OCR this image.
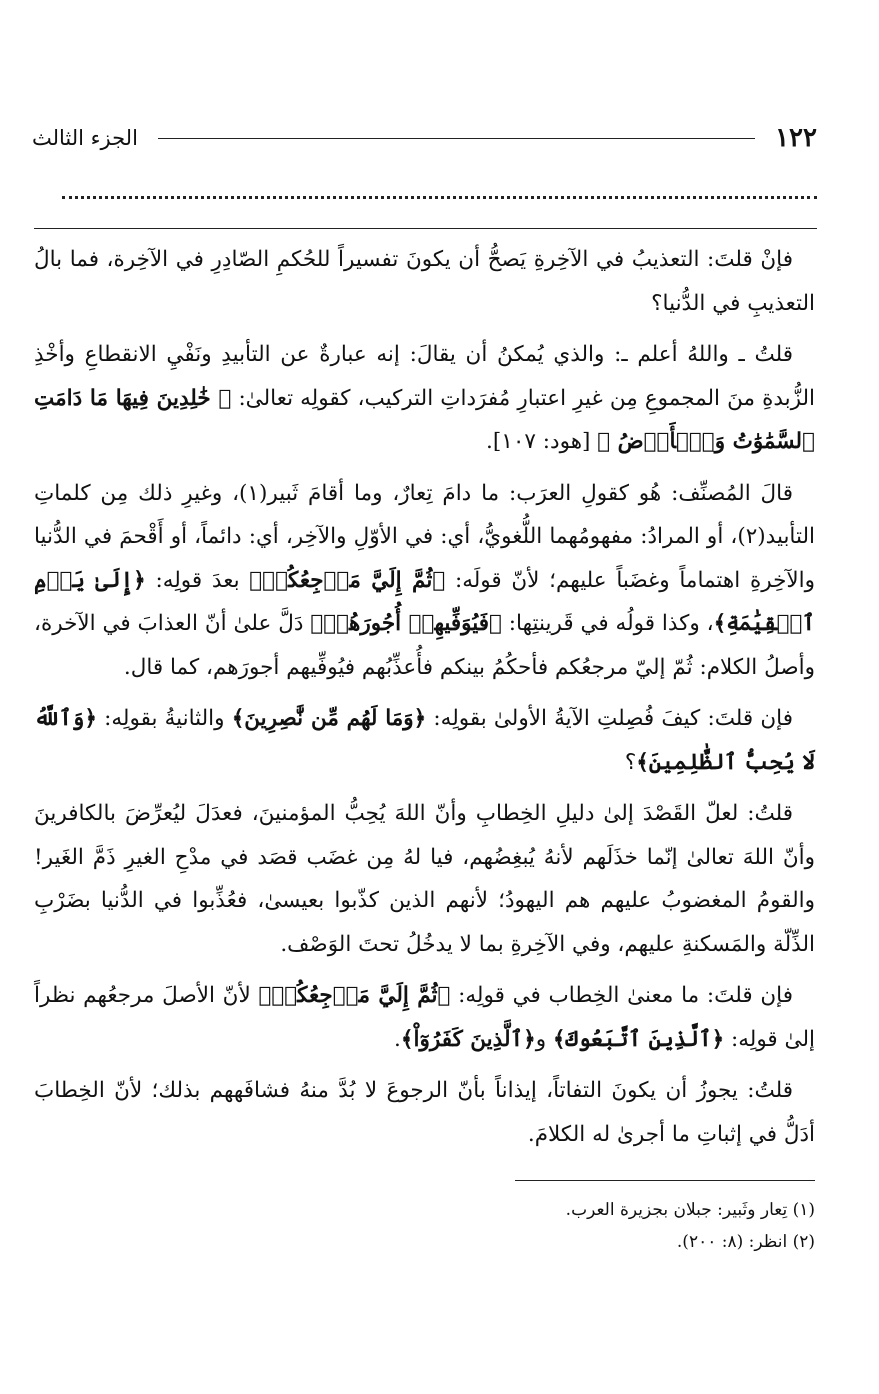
١٢٢
الجزء الثالث

فإنْ قلتَ: التعذيبُ في الآخِرةِ يَصحُّ أن يكونَ تفسيراً للحُكمِ الصّادِرِ في الآخِرة، فما بالُ التعذيبِ في الدُّنيا؟

قلتُ ـ واللهُ أعلم ـ: والذي يُمكنُ أن يقالَ: إنه عبارةٌ عن التأبيدِ ونَفْيِ الانقطاعِ وأخْذِ الزُّبدةِ منَ المجموعِ مِن غيرِ اعتبارِ مُفرَداتِ التركيب، كقولِه تعالىٰ: ﴿ خَٰلِدِينَ فِيهَا مَا دَامَتِ ٱلسَّمَٰوَٰتُ وَٱلۡأَرۡضُ ﴾ [هود: ١٠٧].

قالَ المُصنِّف: هُو كقولِ العرَب: ما دامَ تِعارٌ، وما أقامَ ثَبير(١)، وغيرِ ذلك مِن كلماتِ التأبيد(٢)، أو المرادُ: مفهومُهما اللُّغويُّ، أي: في الأوّلِ والآخِر، أي: دائماً، أو أَقْحمَ في الدُّنيا والآخِرةِ اهتماماً وغضَباً عليهم؛ لأنّ قولَه: ﴿ثُمَّ إِلَيَّ مَرۡجِعُكُمۡ﴾ بعدَ قولِه: ﴿إِلَىٰ يَوۡمِ ٱلۡقِيَٰمَةِ﴾، وكذا قولُه في قَرينتِها: ﴿فَيُوَفِّيهِمۡ أُجُورَهُمۡ﴾ دَلَّ علىٰ أنّ العذابَ في الآخرة، وأصلُ الكلام: ثُمّ إليّ مرجعُكم فأحكُمُ بينكم فأُعذِّبُهم فيُوفِّيهم أجورَهم، كما قال.

فإن قلتَ: كيفَ فُصِلتِ الآيةُ الأولىٰ بقولِه: ﴿وَمَا لَهُم مِّن نَّٰصِرِينَ﴾ والثانيةُ بقولِه: ﴿وَٱللَّهُ لَا يُحِبُّ ٱلظَّٰلِمِينَ﴾؟

قلتُ: لعلّ القَصْدَ إلىٰ دليلِ الخِطابِ وأنّ اللهَ يُحِبُّ المؤمنينَ، فعدَلَ ليُعرِّضَ بالكافرينَ وأنّ اللهَ تعالىٰ إنّما خذَلَهم لأنهُ يُبغِضُهم، فيا لهُ مِن غضَب قصَد في مدْحِ الغيرِ ذَمَّ الغَير! والقومُ المغضوبُ عليهم هم اليهودُ؛ لأنهم الذين كذّبوا بعيسىٰ، فعُذِّبوا في الدُّنيا بضَرْبِ الذِّلّة والمَسكنةِ عليهم، وفي الآخِرةِ بما لا يدخُلُ تحتَ الوَصْف.

فإن قلتَ: ما معنىٰ الخِطاب في قولِه: ﴿ثُمَّ إِلَيَّ مَرۡجِعُكُمۡ﴾ لأنّ الأصلَ مرجعُهم نظراً إلىٰ قولِه: ﴿ٱلَّذِينَ ٱتَّبَعُوكَ﴾ و﴿ٱلَّذِينَ كَفَرُوٓاْ﴾.

قلتُ: يجوزُ أن يكونَ التفاتاً، إيذاناً بأنّ الرجوعَ لا بُدَّ منهُ فشافَههم بذلك؛ لأنّ الخِطابَ أدَلُّ في إثباتِ ما أجرىٰ له الكلامَ.

(١) تِعار وثَبير: جبلان بجزيرة العرب.
(٢) انظر: (٨: ٢٠٠).
